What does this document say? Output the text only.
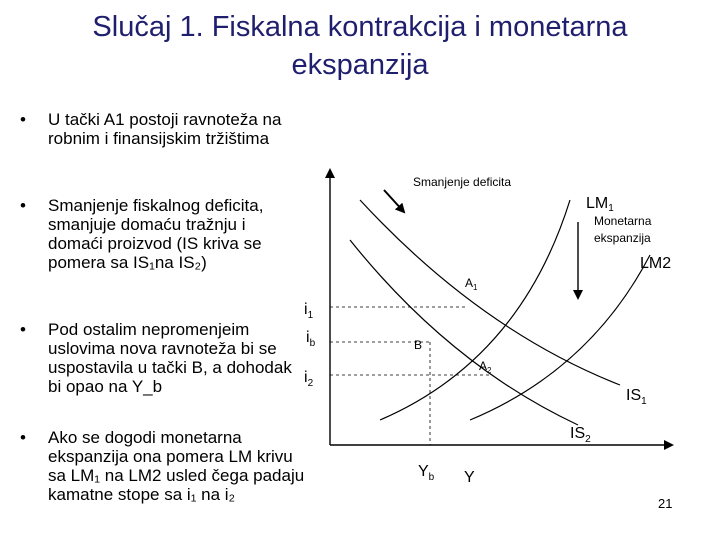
Slučaj 1. Fiskalna kontrakcija i monetarna
ekspanzija
• U tački A1 postoji ravnoteža na robnim i finansijskim tržištima
• Smanjenje fiskalnog deficita, smanjuje domaću tražnju i domaći proizvod (IS kriva se pomera sa IS₁na IS₂)
• Pod ostalim nepromenjeim uslovima nova ravnoteža bi se uspostavila u tački B, a dohodak bi opao na Y_b
• Ako se dogodi monetarna ekspanzija ona pomera LM krivu sa LM₁ na LM2 usled čega padaju kamatne stope sa i₁ na i₂
Smanjenje deficita
LM1
Monetarna
ekspanzija
LM2
$A_1$
B
$A_2$
$i_1$
$i_b$
$i_2$
$IS_1$
$IS_2$
$Y_b$ Y
21
